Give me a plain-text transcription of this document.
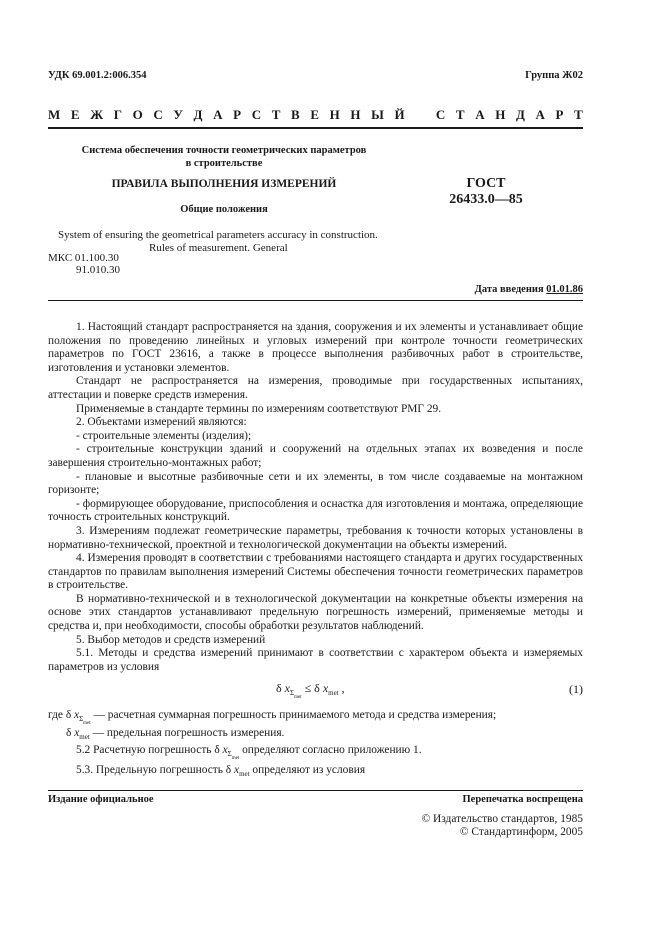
УДК 69.001.2:006.354	Группа Ж02
М Е Ж Г О С У Д А Р С Т В Е Н Н Ы Й С Т А Н Д А Р Т
Система обеспечения точности геометрических параметров
в строительстве
ПРАВИЛА ВЫПОЛНЕНИЯ ИЗМЕРЕНИЙ
Общие положения
ГОСТ
26433.0—85
System of ensuring the geometrical parameters accuracy in construction.
Rules of measurement. General
МКС 01.100.30
91.010.30
Дата введения 01.01.86

1. Настоящий стандарт распространяется на здания, сооружения и их элементы и устанавливает общие положения по проведению линейных и угловых измерений при контроле точности геометрических параметров по ГОСТ 23616, а также в процессе выполнения разбивочных работ в строительстве, изготовления и установки элементов.

Стандарт не распространяется на измерения, проводимые при государственных испытаниях, аттестации и поверке средств измерения.

Применяемые в стандарте термины по измерениям соответствуют РМГ 29.

2. Объектами измерений являются:

- строительные элементы (изделия);

- строительные конструкции зданий и сооружений на отдельных этапах их возведения и после завершения строительно-монтажных работ;

- плановые и высотные разбивочные сети и их элементы, в том числе создаваемые на монтажном горизонте;

- формирующее оборудование, приспособления и оснастка для изготовления и монтажа, определяющие точность строительных конструкций.

3. Измерениям подлежат геометрические параметры, требования к точности которых установлены в нормативно-технической, проектной и технологической документации на объекты измерений.

4. Измерения проводят в соответствии с требованиями настоящего стандарта и других государственных стандартов по правилам выполнения измерений Системы обеспечения точности геометрических параметров в строительстве.

В нормативно-технической и в технологической документации на конкретные объекты измерения на основе этих стандартов устанавливают предельную погрешность измерений, применяемые методы и средства и, при необходимости, способы обработки результатов наблюдений.

5. Выбор методов и средств измерений

5.1. Методы и средства измерений принимают в соответствии с характером объекта и измеряемых параметров из условия

δ $x_{\Sigma_{met}} \le \delta$ $x_{met}$ ,	(1)
где δ $x_{\Sigma_{met}}$ — расчетная суммарная погрешность принимаемого метода и средства измерения;
δ $x_{met}$ — предельная погрешность измерения.
5.2 Расчетную погрешность δ $x_{\Sigma_{met}}$ определяют согласно приложению 1.
5.3. Предельную погрешность δ $x_{met}$ определяют из условия
Издание официальное	Перепечатка воспрещена
© Издательство стандартов, 1985
© Стандартинформ, 2005
